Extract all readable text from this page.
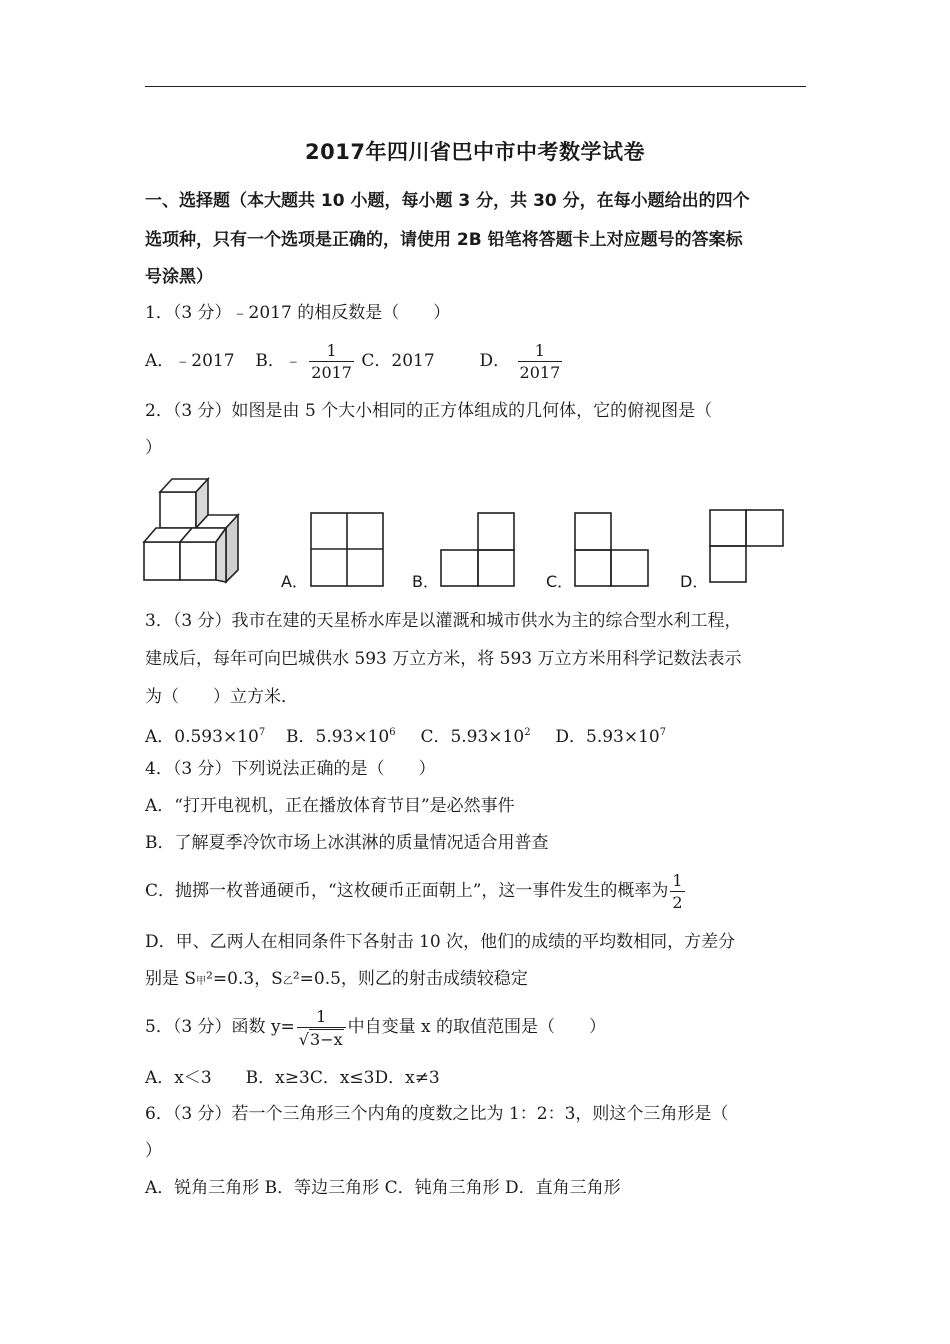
2017年四川省巴中市中考数学试卷
一、选择题（本大题共 10 小题，每小题 3 分，共 30 分，在每小题给出的四个
选项种，只有一个选项是正确的，请使用 2B 铅笔将答题卡上对应题号的答案标
号涂黑）
1．（3 分）﹣2017 的相反数是（　　）
A．﹣2017 B．﹣ $\frac{1}{2017}$ C．2017	D． $\frac{1}{2017}$
2．（3 分）如图是由 5 个大小相同的正方体组成的几何体，它的俯视图是（
）
A．	B．	C．	D．
3．（3 分）我市在建的天星桥水库是以灌溉和城市供水为主的综合型水利工程，
建成后，每年可向巴城供水 593 万立方米，将 593 万立方米用科学记数法表示
为（　　）立方米．
A．$0.593\times 10^7$ B．$5.93\times 10^6$ C．$5.93\times 10^2$ D．$5.93\times 10^7$
4．（3 分）下列说法正确的是（　　）
A．“打开电视机，正在播放体育节目”是必然事件
B．了解夏季冷饮市场上冰淇淋的质量情况适合用普查
C．抛掷一枚普通硬币，“这枚硬币正面朝上”，这一事件发生的概率为 $\frac{1}{2}$
D．甲、乙两人在相同条件下各射击 10 次，他们的成绩的平均数相同，方差分
别是 S甲²=0.3，S乙²=0.5，则乙的射击成绩较稳定
5．（3 分）函数 $y= \frac{1}{√3-x}$ 中自变量 x 的取值范围是（　　）
A．x＜3　　B．x≥3C．x≤3D．x≠3
6．（3 分）若一个三角形三个内角的度数之比为 1：2：3，则这个三角形是（
）
A．锐角三角形 B．等边三角形 C．钝角三角形 D．直角三角形
